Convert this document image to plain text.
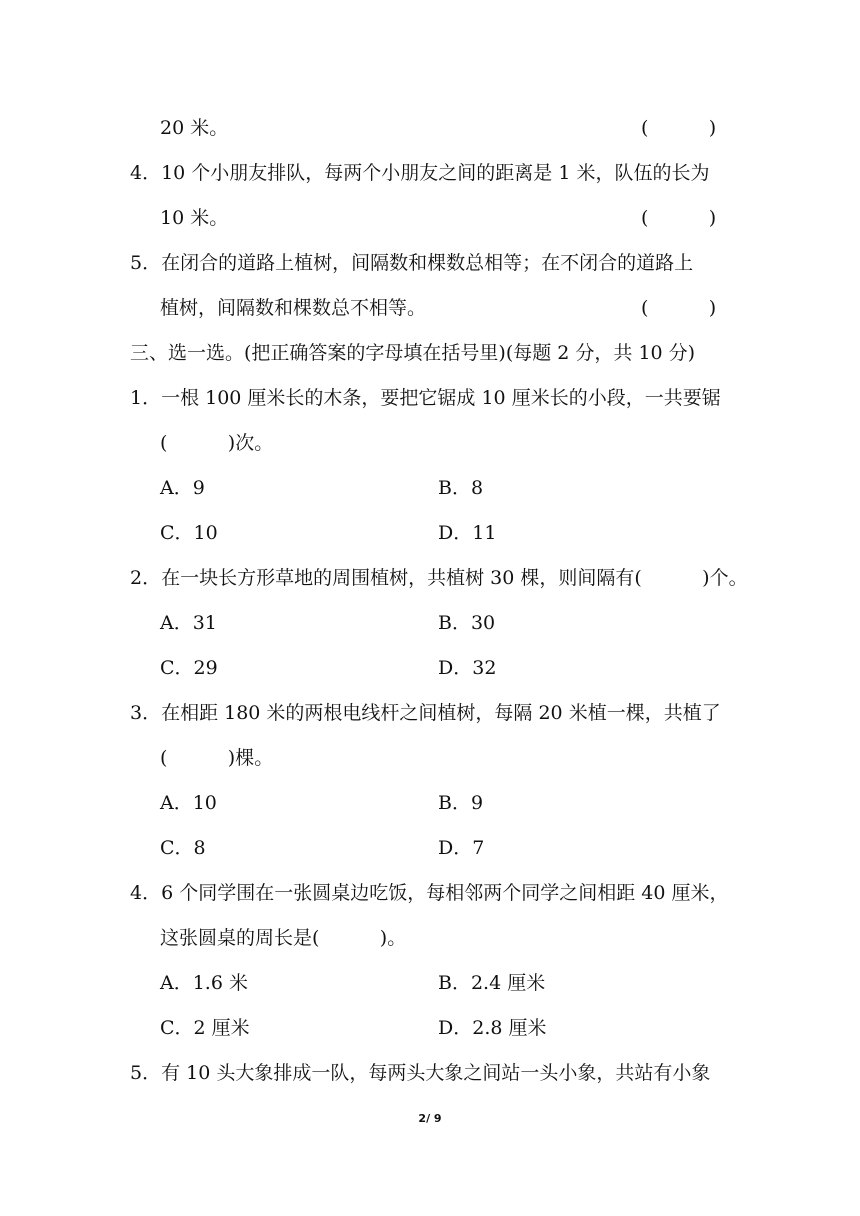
20 米。	(          )
4．10 个小朋友排队，每两个小朋友之间的距离是 1 米，队伍的长为
10 米。	(          )
5．在闭合的道路上植树，间隔数和棵数总相等；在不闭合的道路上
植树，间隔数和棵数总不相等。	(          )
三、选一选。(把正确答案的字母填在括号里)(每题 2 分，共 10 分)
1．一根 100 厘米长的木条，要把它锯成 10 厘米长的小段，一共要锯
(          )次。
A．9	B．8
C．10	D．11
2．在一块长方形草地的周围植树，共植树 30 棵，则间隔有(          )个。
A．31	B．30
C．29	D．32
3．在相距 180 米的两根电线杆之间植树，每隔 20 米植一棵，共植了
(          )棵。
A．10	B．9
C．8	D．7
4．6 个同学围在一张圆桌边吃饭，每相邻两个同学之间相距 40 厘米，
这张圆桌的周长是(          )。
A．1.6 米	B．2.4 厘米
C．2 厘米	D．2.8 厘米
5．有 10 头大象排成一队，每两头大象之间站一头小象，共站有小象
2/ 9
